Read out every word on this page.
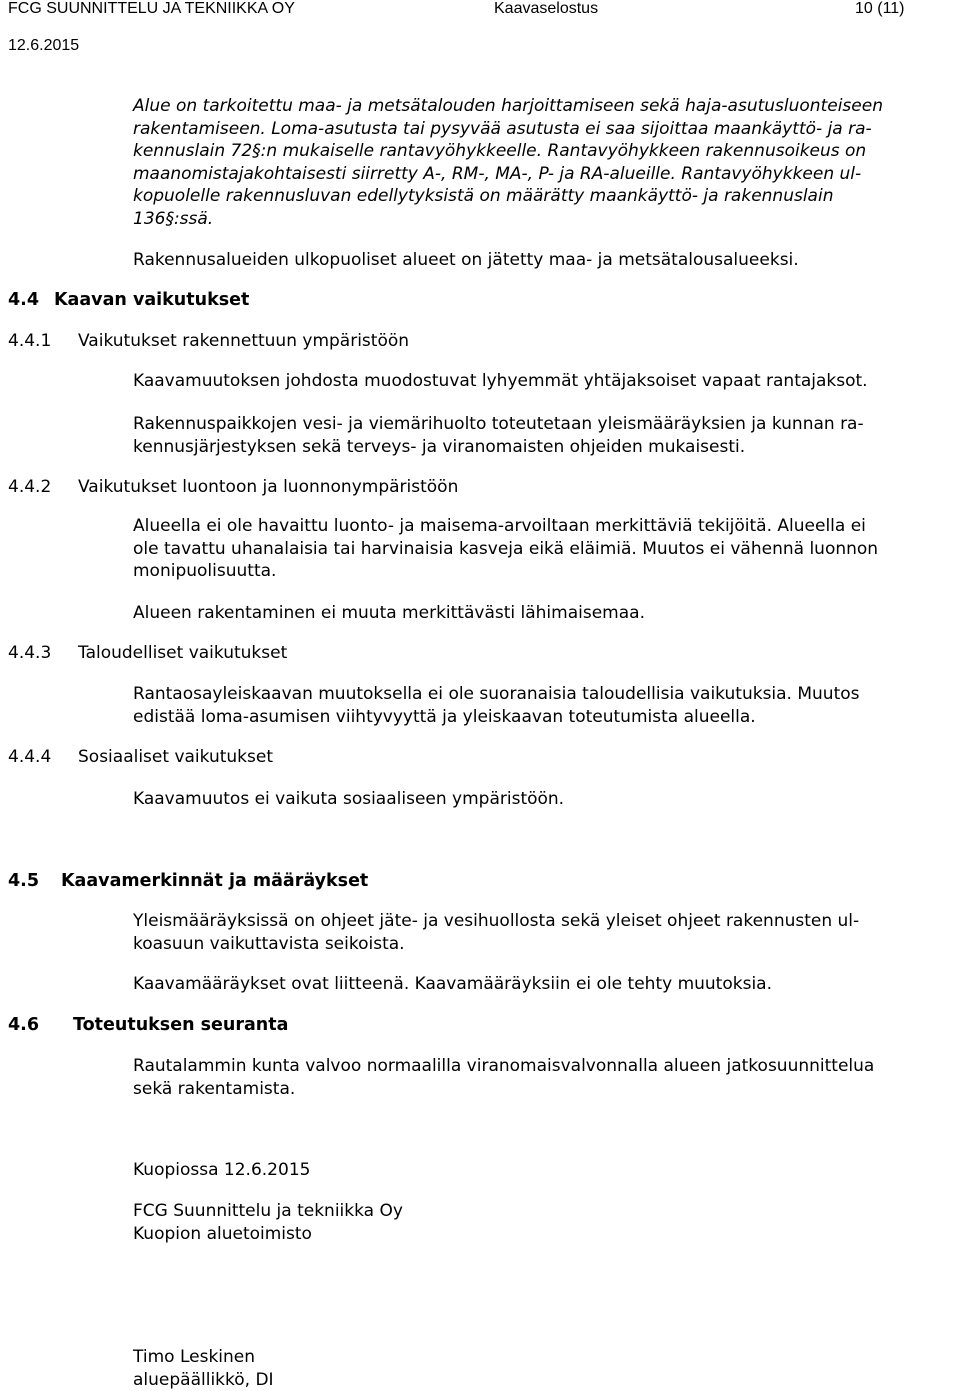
FCG SUUNNITTELU JA TEKNIIKKA OY	Kaavaselostus	10 (11)
12.6.2015
Alue on tarkoitettu maa- ja metsätalouden harjoittamiseen sekä haja-asutusluonteiseen
rakentamiseen. Loma-asutusta tai pysyvää asutusta ei saa sijoittaa maankäyttö- ja ra-
kennuslain 72§:n mukaiselle rantavyöhykkeelle. Rantavyöhykkeen rakennusoikeus on
maanomistajakohtaisesti siirretty A-, RM-, MA-, P- ja RA-alueille. Rantavyöhykkeen ul-
kopuolelle rakennusluvan edellytyksistä on määrätty maankäyttö- ja rakennuslain
136§:ssä.
Rakennusalueiden ulkopuoliset alueet on jätetty maa- ja metsätalousalueeksi.
4.4 Kaavan vaikutukset
4.4.1 Vaikutukset rakennettuun ympäristöön
Kaavamuutoksen johdosta muodostuvat lyhyemmät yhtäjaksoiset vapaat rantajaksot.
Rakennuspaikkojen vesi- ja viemärihuolto toteutetaan yleismääräyksien ja kunnan ra-
kennusjärjestyksen sekä terveys- ja viranomaisten ohjeiden mukaisesti.
4.4.2 Vaikutukset luontoon ja luonnonympäristöön
Alueella ei ole havaittu luonto- ja maisema-arvoiltaan merkittäviä tekijöitä. Alueella ei
ole tavattu uhanalaisia tai harvinaisia kasveja eikä eläimiä. Muutos ei vähennä luonnon
monipuolisuutta.
Alueen rakentaminen ei muuta merkittävästi lähimaisemaa.
4.4.3 Taloudelliset vaikutukset
Rantaosayleiskaavan muutoksella ei ole suoranaisia taloudellisia vaikutuksia. Muutos
edistää loma-asumisen viihtyvyyttä ja yleiskaavan toteutumista alueella.
4.4.4 Sosiaaliset vaikutukset
Kaavamuutos ei vaikuta sosiaaliseen ympäristöön.
4.5 Kaavamerkinnät ja määräykset
Yleismääräyksissä on ohjeet jäte- ja vesihuollosta sekä yleiset ohjeet rakennusten ul-
koasuun vaikuttavista seikoista.
Kaavamääräykset ovat liitteenä. Kaavamääräyksiin ei ole tehty muutoksia.
4.6 Toteutuksen seuranta
Rautalammin kunta valvoo normaalilla viranomaisvalvonnalla alueen jatkosuunnittelua
sekä rakentamista.
Kuopiossa 12.6.2015
FCG Suunnittelu ja tekniikka Oy
Kuopion aluetoimisto
Timo Leskinen
aluepäällikkö, DI
